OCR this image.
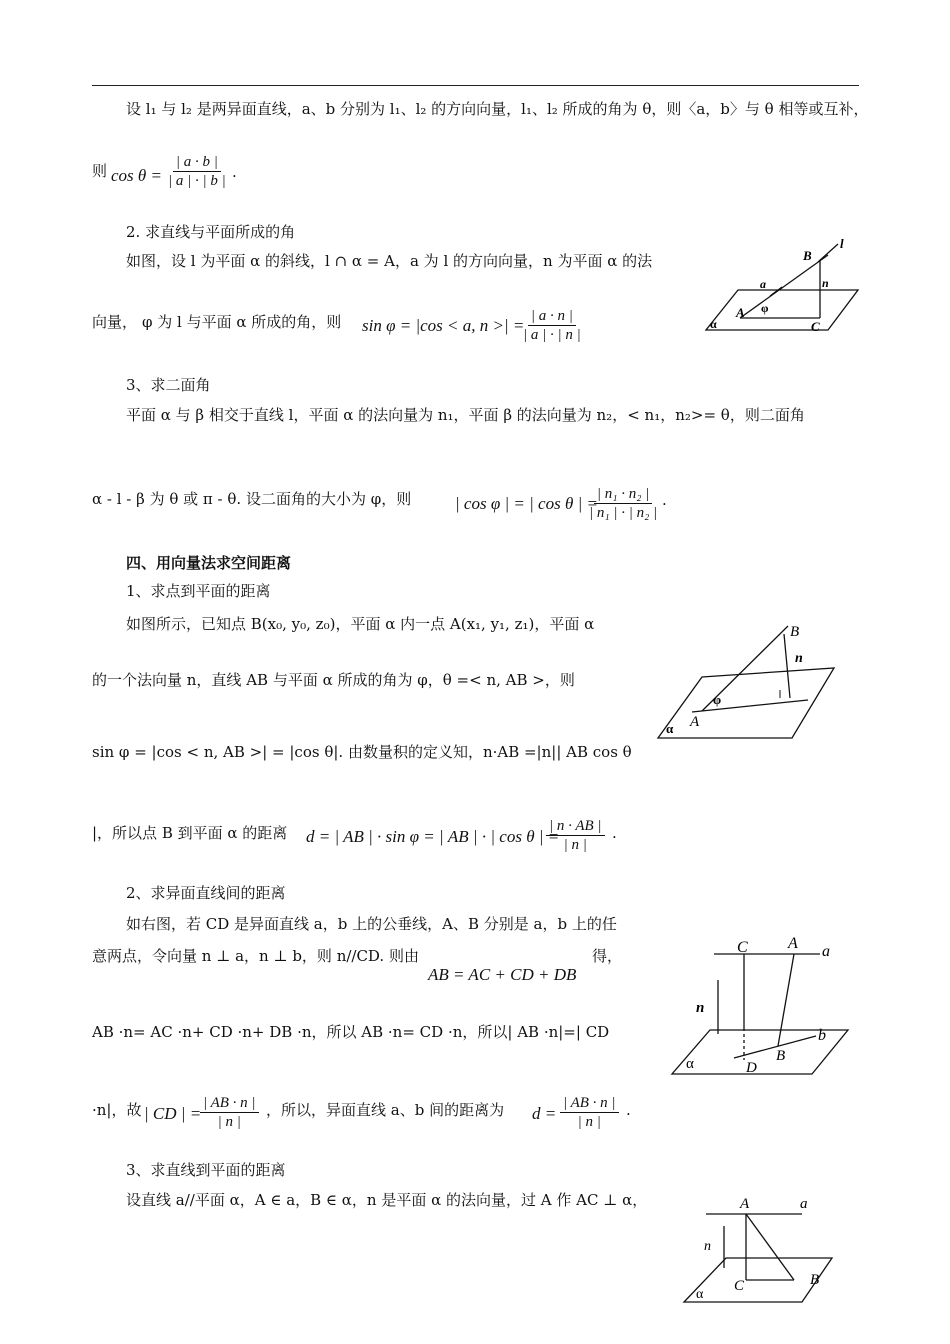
设 l₁ 与 l₂ 是两异面直线，a、b 分别为 l₁、l₂ 的方向向量，l₁、l₂ 所成的角为 θ，则〈a，b〉与 θ 相等或互补，
则 $\cos \theta = \frac{| a \cdot b |}{| a | \cdot | b |}$ .
2. 求直线与平面所成的角
如图，设 l 为平面 α 的斜线，l ∩ α = A，a 为 l 的方向向量，n 为平面 α 的法
向量， φ 为 l 与平面 α 所成的角，则 sin φ = |cos < a, n >| =
$\frac{| a \cdot n |}{| a | \cdot | n |}$
3、求二面角
平面 α 与 β 相交于直线 l，平面 α 的法向量为 n₁，平面 β 的法向量为 n₂，< n₁，n₂>= θ，则二面角
α - l - β 为 θ 或 π - θ. 设二面角的大小为 φ，则	| cos φ | = | cos θ | =
$\frac{\text{| n₁ · n₂ |}}{\text{| n₁ | · | n₂ |}}$ .
四、用向量法求空间距离
1、求点到平面的距离
如图所示，已知点 B(x₀, y₀, z₀)，平面 α 内一点 A(x₁, y₁, z₁)，平面 α
的一个法向量 n，直线 AB 与平面 α 所成的角为 φ，θ =< n, AB >，则
sin φ = |cos < n, AB >| = |cos θ|. 由数量积的定义知，n·AB =|n|| AB cos θ
|，所以点 B 到平面 α 的距离 d = | AB | · sin φ = | AB | · | cos θ | =
$\frac{| n \cdot AB |}{| n |}$ .
2、求异面直线间的距离
如右图，若 CD 是异面直线 a，b 上的公垂线，A、B 分别是 a，b 上的任
意两点，令向量 n ⊥ a，n ⊥ b，则 n//CD. 则由
AB = AC + CD + DB
得，
AB ·n= AC ·n+ CD ·n+ DB ·n，所以 AB ·n= CD ·n，所以| AB ·n|=| CD
·n|，故 | CD | =
$\frac{| AB \cdot n |}{| n |}$ ，所以，异面直线 a、b 间的距离为 $d = \frac{| AB \cdot n |}{| n |}$ .
3、求直线到平面的距离
设直线 a//平面 α，A ∈ a，B ∈ α，n 是平面 α 的法向量，过 A 作 AC ⊥ α，
a
B
l
n
φ
A
C
α
B
n
φ
A
α
C	A a
n
b
B
D
α
A	a
n
C	B
α
